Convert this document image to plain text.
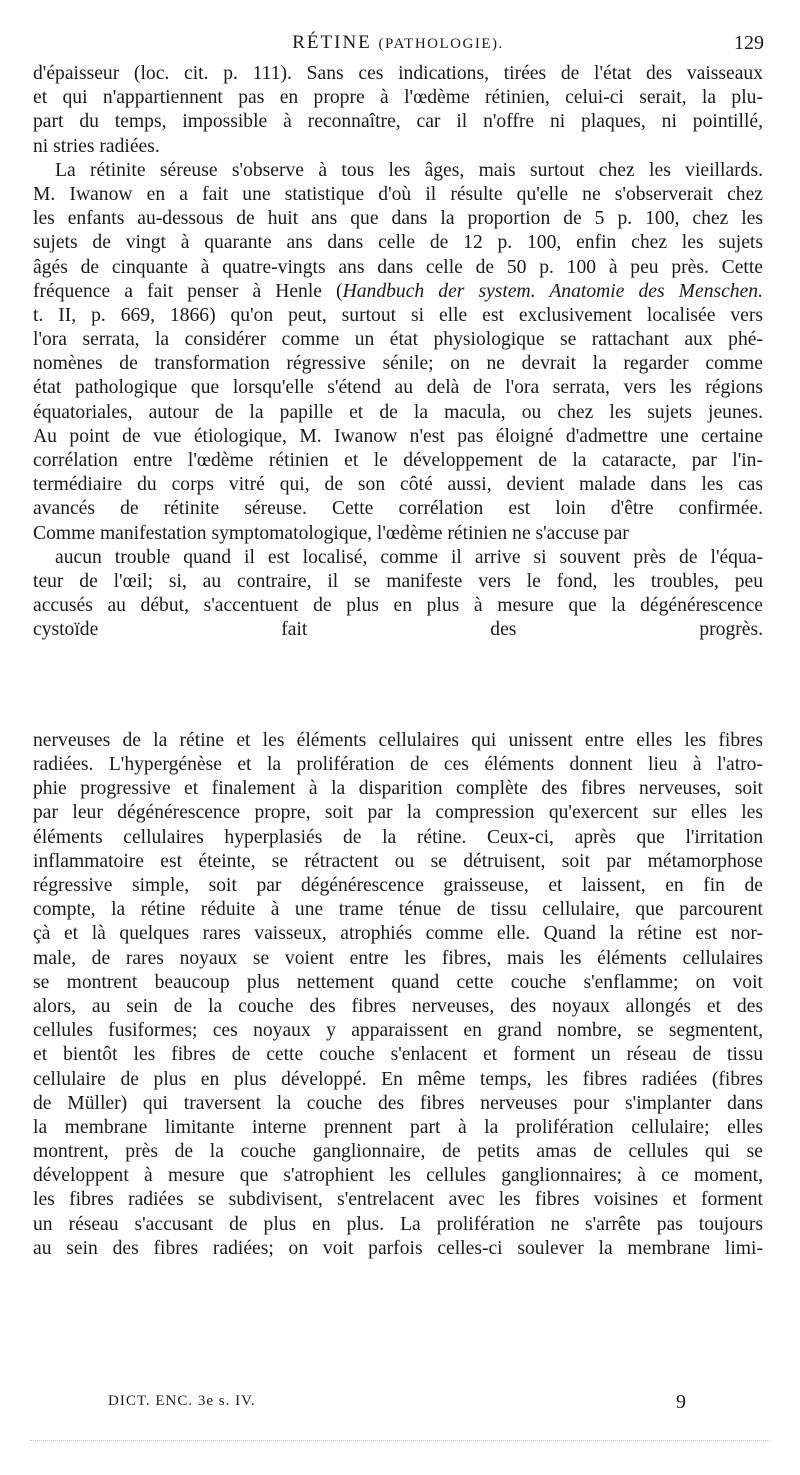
RÉTINE (PATHOLOGIE).	129
d'épaisseur (loc. cit. p. 111). Sans ces indications, tirées de l'état des vaisseaux
et qui n'appartiennent pas en propre à l'œdème rétinien, celui-ci serait, la plu-
part du temps, impossible à reconnaître, car il n'offre ni plaques, ni pointillé,
ni stries radiées.
La rétinite séreuse s'observe à tous les âges, mais surtout chez les vieillards.
M. Iwanow en a fait une statistique d'où il résulte qu'elle ne s'observerait chez
les enfants au-dessous de huit ans que dans la proportion de 5 p. 100, chez les
sujets de vingt à quarante ans dans celle de 12 p. 100, enfin chez les sujets
âgés de cinquante à quatre-vingts ans dans celle de 50 p. 100 à peu près. Cette
fréquence a fait penser à Henle (Handbuch der system. Anatomie des Menschen.
t. II, p. 669, 1866) qu'on peut, surtout si elle est exclusivement localisée vers
l'ora serrata, la considérer comme un état physiologique se rattachant aux phé-
nomènes de transformation régressive sénile; on ne devrait la regarder comme
état pathologique que lorsqu'elle s'étend au delà de l'ora serrata, vers les régions
équatoriales, autour de la papille et de la macula, ou chez les sujets jeunes.
Au point de vue étiologique, M. Iwanow n'est pas éloigné d'admettre une certaine
corrélation entre l'œdème rétinien et le développement de la cataracte, par l'in-
termédiaire du corps vitré qui, de son côté aussi, devient malade dans les cas
avancés de rétinite séreuse. Cette corrélation est loin d'être confirmée.
Comme manifestation symptomatologique, l'œdème rétinien ne s'accuse par
aucun trouble quand il est localisé, comme il arrive si souvent près de l'équa-
teur de l'œil; si, au contraire, il se manifeste vers le fond, les troubles, peu
accusés au début, s'accentuent de plus en plus à mesure que la dégénérescence
cystoïde fait des progrès.
nerveuses de la rétine et les éléments cellulaires qui unissent entre elles les fibres
radiées. L'hypergénèse et la prolifération de ces éléments donnent lieu à l'atro-
phie progressive et finalement à la disparition complète des fibres nerveuses, soit
par leur dégénérescence propre, soit par la compression qu'exercent sur elles les
éléments cellulaires hyperplasiés de la rétine. Ceux-ci, après que l'irritation
inflammatoire est éteinte, se rétractent ou se détruisent, soit par métamorphose
régressive simple, soit par dégénérescence graisseuse, et laissent, en fin de
compte, la rétine réduite à une trame ténue de tissu cellulaire, que parcourent
çà et là quelques rares vaisseux, atrophiés comme elle. Quand la rétine est nor-
male, de rares noyaux se voient entre les fibres, mais les éléments cellulaires
se montrent beaucoup plus nettement quand cette couche s'enflamme; on voit
alors, au sein de la couche des fibres nerveuses, des noyaux allongés et des
cellules fusiformes; ces noyaux y apparaissent en grand nombre, se segmentent,
et bientôt les fibres de cette couche s'enlacent et forment un réseau de tissu
cellulaire de plus en plus développé. En même temps, les fibres radiées (fibres
de Müller) qui traversent la couche des fibres nerveuses pour s'implanter dans
la membrane limitante interne prennent part à la prolifération cellulaire; elles
montrent, près de la couche ganglionnaire, de petits amas de cellules qui se
développent à mesure que s'atrophient les cellules ganglionnaires; à ce moment,
les fibres radiées se subdivisent, s'entrelacent avec les fibres voisines et forment
un réseau s'accusant de plus en plus. La prolifération ne s'arrête pas toujours
au sein des fibres radiées; on voit parfois celles-ci soulever la membrane limi-
DICT. ENC. 3e s. IV.	9
